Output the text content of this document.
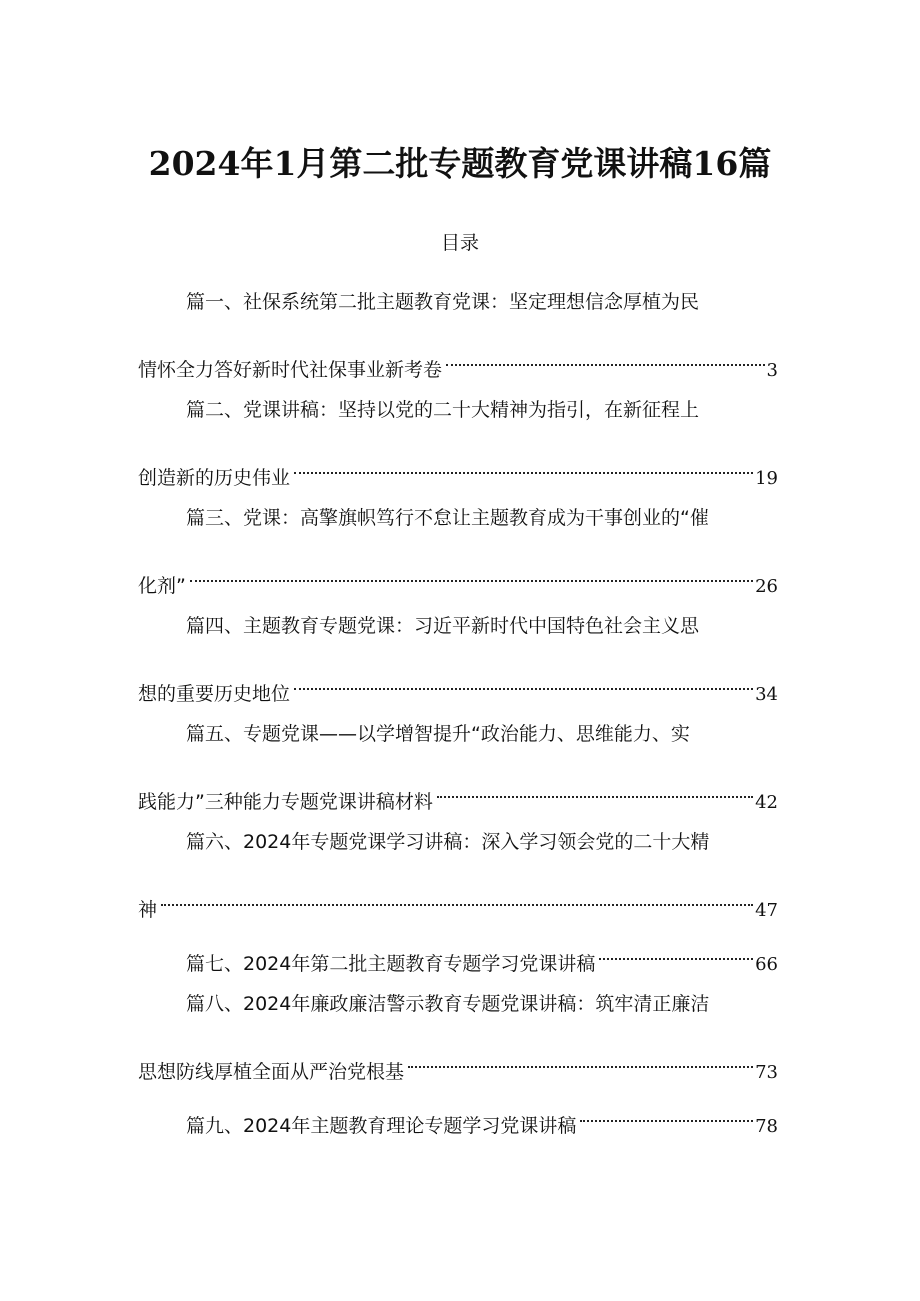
2024年1月第二批专题教育党课讲稿16篇
目录
篇一、社保系统第二批主题教育党课：坚定理想信念厚植为民
情怀全力答好新时代社保事业新考卷	3
篇二、党课讲稿：坚持以党的二十大精神为指引，在新征程上
创造新的历史伟业	19
篇三、党课：高擎旗帜笃行不怠让主题教育成为干事创业的“催
化剂”	26
篇四、主题教育专题党课：习近平新时代中国特色社会主义思
想的重要历史地位	34
篇五、专题党课——以学增智提升“政治能力、思维能力、实
践能力”三种能力专题党课讲稿材料	42
篇六、2024年专题党课学习讲稿：深入学习领会党的二十大精
神	47
篇七、2024年第二批主题教育专题学习党课讲稿	66
篇八、2024年廉政廉洁警示教育专题党课讲稿：筑牢清正廉洁
思想防线厚植全面从严治党根基	73
篇九、2024年主题教育理论专题学习党课讲稿	78
